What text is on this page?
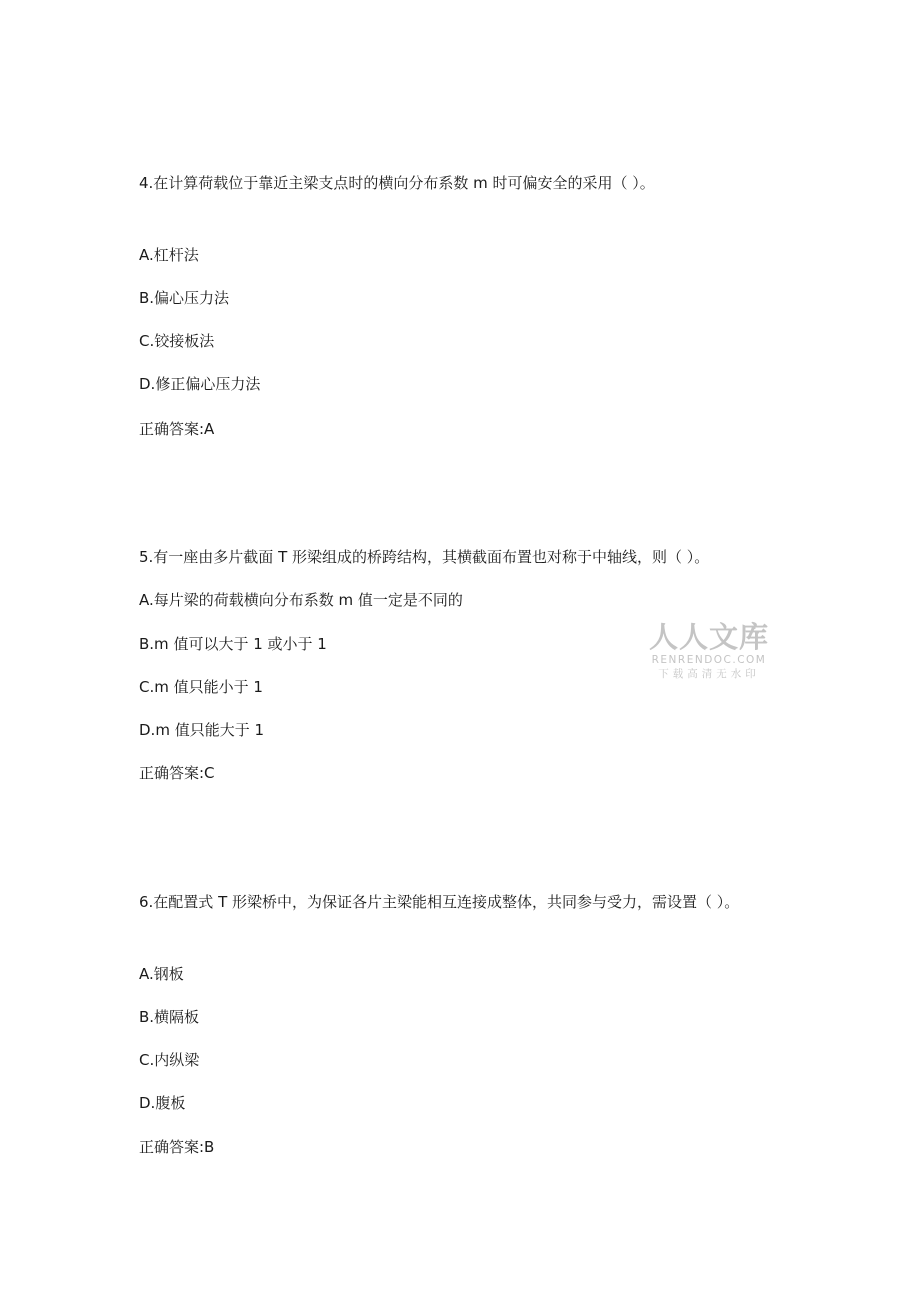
4.在计算荷载位于靠近主梁支点时的横向分布系数 m 时可偏安全的采用（ ）。
A.杠杆法
B.偏心压力法
C.铰接板法
D.修正偏心压力法
正确答案:A
5.有一座由多片截面 T 形梁组成的桥跨结构，其横截面布置也对称于中轴线，则（ ）。
A.每片梁的荷载横向分布系数 m 值一定是不同的
B.m 值可以大于 1 或小于 1
C.m 值只能小于 1
D.m 值只能大于 1
正确答案:C
6.在配置式 T 形梁桥中，为保证各片主梁能相互连接成整体，共同参与受力，需设置（ ）。
A.钢板
B.横隔板
C.内纵梁
D.腹板
正确答案:B
人人文库
RENRENDOC.COM
下载高清无水印
